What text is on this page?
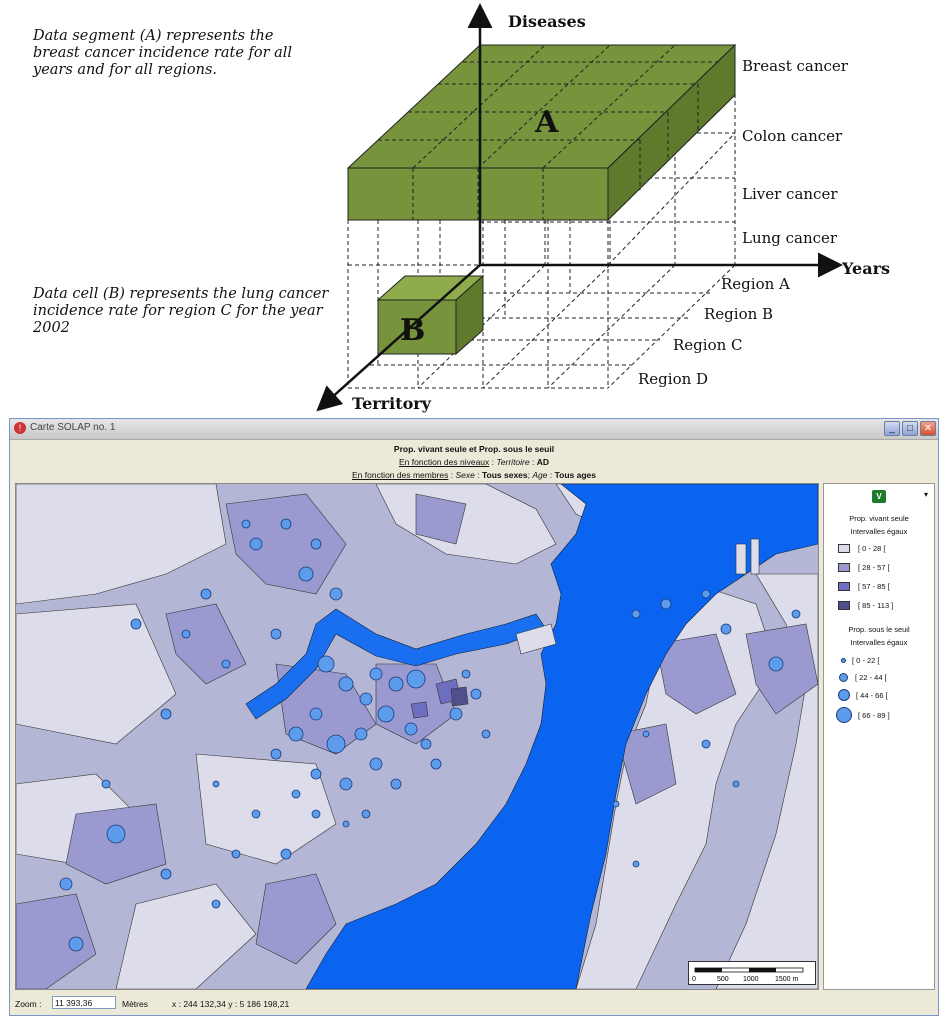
Data segment (A) represents the breast cancer incidence rate for all years and for all regions.
Data cell (B) represents the lung cancer incidence rate for region C for the year 2002
A
B
Diseases
Years
Territory
Breast cancer
Colon cancer
Liver cancer
Lung cancer
Region A
Region B
Region C
Region D
! Carte SOLAP no. 1	_	□	✕
Prop. vivant seule et Prop. sous le seuil
En fonction des niveaux : Territoire : AD
En fonction des membres : Sexe : Tous sexes; Age : Tous ages
0	500 1000 1500 m
V	▾
Prop. vivant seule
Intervalles égaux
[ 0 - 28 [
[ 28 - 57 [
[ 57 - 85 [
[ 85 - 113 ]
Prop. sous le seuil
Intervalles égaux
[ 0 - 22 [
[ 22 - 44 [
[ 44 - 66 [
[ 66 - 89 ]
Zoom :	11 393,36	Mètres	x : 244 132,34 y : 5 186 198,21
